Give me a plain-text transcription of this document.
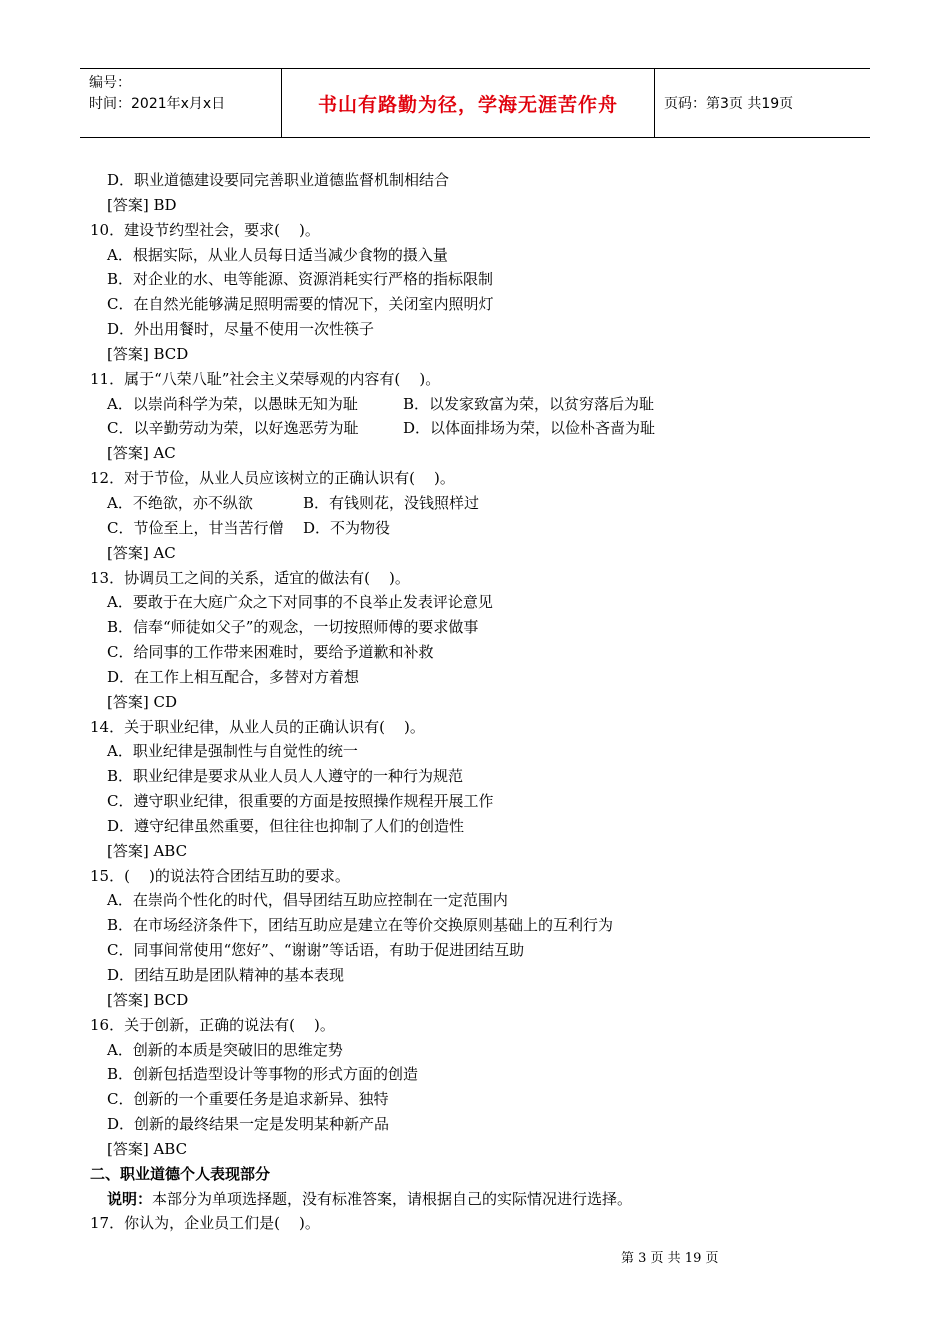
编号：
时间：2021年x月x日	书山有路勤为径，学海无涯苦作舟	页码：第3页 共19页
D．职业道德建设要同完善职业道德监督机制相结合
[答案] BD
10．建设节约型社会，要求(    )。
A．根据实际，从业人员每日适当减少食物的摄入量
B．对企业的水、电等能源、资源消耗实行严格的指标限制
C．在自然光能够满足照明需要的情况下，关闭室内照明灯
D．外出用餐时，尽量不使用一次性筷子
[答案] BCD
11．属于“八荣八耻”社会主义荣辱观的内容有(    )。
A．以崇尚科学为荣，以愚昧无知为耻	B．以发家致富为荣，以贫穷落后为耻
C．以辛勤劳动为荣，以好逸恶劳为耻	D．以体面排场为荣，以俭朴吝啬为耻
[答案] AC
12．对于节俭，从业人员应该树立的正确认识有(    )。
A．不绝欲，亦不纵欲	B．有钱则花，没钱照样过
C．节俭至上，甘当苦行僧	D．不为物役
[答案] AC
13．协调员工之间的关系，适宜的做法有(    )。
A．要敢于在大庭广众之下对同事的不良举止发表评论意见
B．信奉“师徒如父子”的观念，一切按照师傅的要求做事
C．给同事的工作带来困难时，要给予道歉和补救
D．在工作上相互配合，多替对方着想
[答案] CD
14．关于职业纪律，从业人员的正确认识有(    )。
A．职业纪律是强制性与自觉性的统一
B．职业纪律是要求从业人员人人遵守的一种行为规范
C．遵守职业纪律，很重要的方面是按照操作规程开展工作
D．遵守纪律虽然重要，但往往也抑制了人们的创造性
[答案] ABC
15．(    )的说法符合团结互助的要求。
A．在崇尚个性化的时代，倡导团结互助应控制在一定范围内
B．在市场经济条件下，团结互助应是建立在等价交换原则基础上的互利行为
C．同事间常使用“您好”、“谢谢”等话语，有助于促进团结互助
D．团结互助是团队精神的基本表现
[答案] BCD
16．关于创新，正确的说法有(    )。
A．创新的本质是突破旧的思维定势
B．创新包括造型设计等事物的形式方面的创造
C．创新的一个重要任务是追求新异、独特
D．创新的最终结果一定是发明某种新产品
[答案] ABC
二、职业道德个人表现部分
说明：本部分为单项选择题，没有标准答案，请根据自己的实际情况进行选择。
17．你认为，企业员工们是(    )。
第 3 页 共 19 页
